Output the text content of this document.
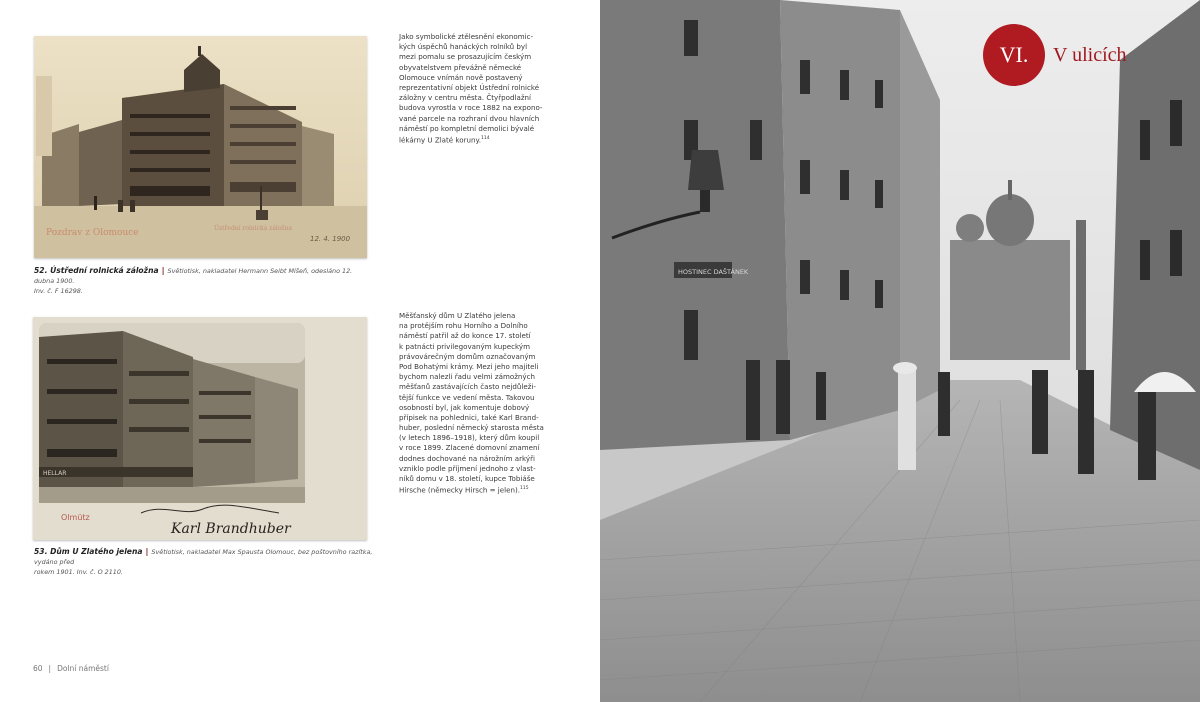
Pozdrav z Olomouce	Ústřední rolnická záložna
12. 4. 1900
52. Ústřední rolnická záložna | Světlotisk, nakladatel Hermann Seibt Míšeň, odesláno 12. dubna 1900.
Inv. č. F 16298.
HELLAR
Olmütz
Karl Brandhuber
53. Dům U Zlatého jelena | Světlotisk, nakladatel Max Spausta Olomouc, bez poštovního razítka, vydáno před
rokem 1901. Inv. č. O 2110.
Jako symbolické ztělesnění ekonomic-
kých úspěchů hanáckých rolníků byl
mezi pomalu se prosazujícím českým
obyvatelstvem převážně německé
Olomouce vnímán nově postavený
reprezentativní objekt Ústřední rolnické
záložny v centru města. Čtyřpodlažní
budova vyrostla v roce 1882 na expono-
vané parcele na rozhraní dvou hlavních
náměstí po kompletní demolici bývalé
lékárny U Zlaté koruny.$^{114}$
Měšťanský dům U Zlatého jelena
na protějším rohu Horního a Dolního
náměstí patřil až do konce 17. století
k patnácti privilegovaným kupeckým
právovárečným domům označovaným
Pod Bohatými krámy. Mezi jeho majiteli
bychom nalezli řadu velmi zámožných
měšťanů zastávajících často nejdůleži-
tější funkce ve vedení města. Takovou
osobností byl, jak komentuje dobový
přípisek na pohlednici, také Karl Brand-
huber, poslední německý starosta města
(v letech 1896–1918), který dům koupil
v roce 1899. Zlacené domovní znamení
dodnes dochované na nárožním arkýři
vzniklo podle příjmení jednoho z vlast-
níků domu v 18. století, kupce Tobiáše
Hirsche (německy Hirsch = jelen).$^{115}$
60 | Dolní náměstí
HOSTINEC DAŠTÁNEK
VI. V ulicích
